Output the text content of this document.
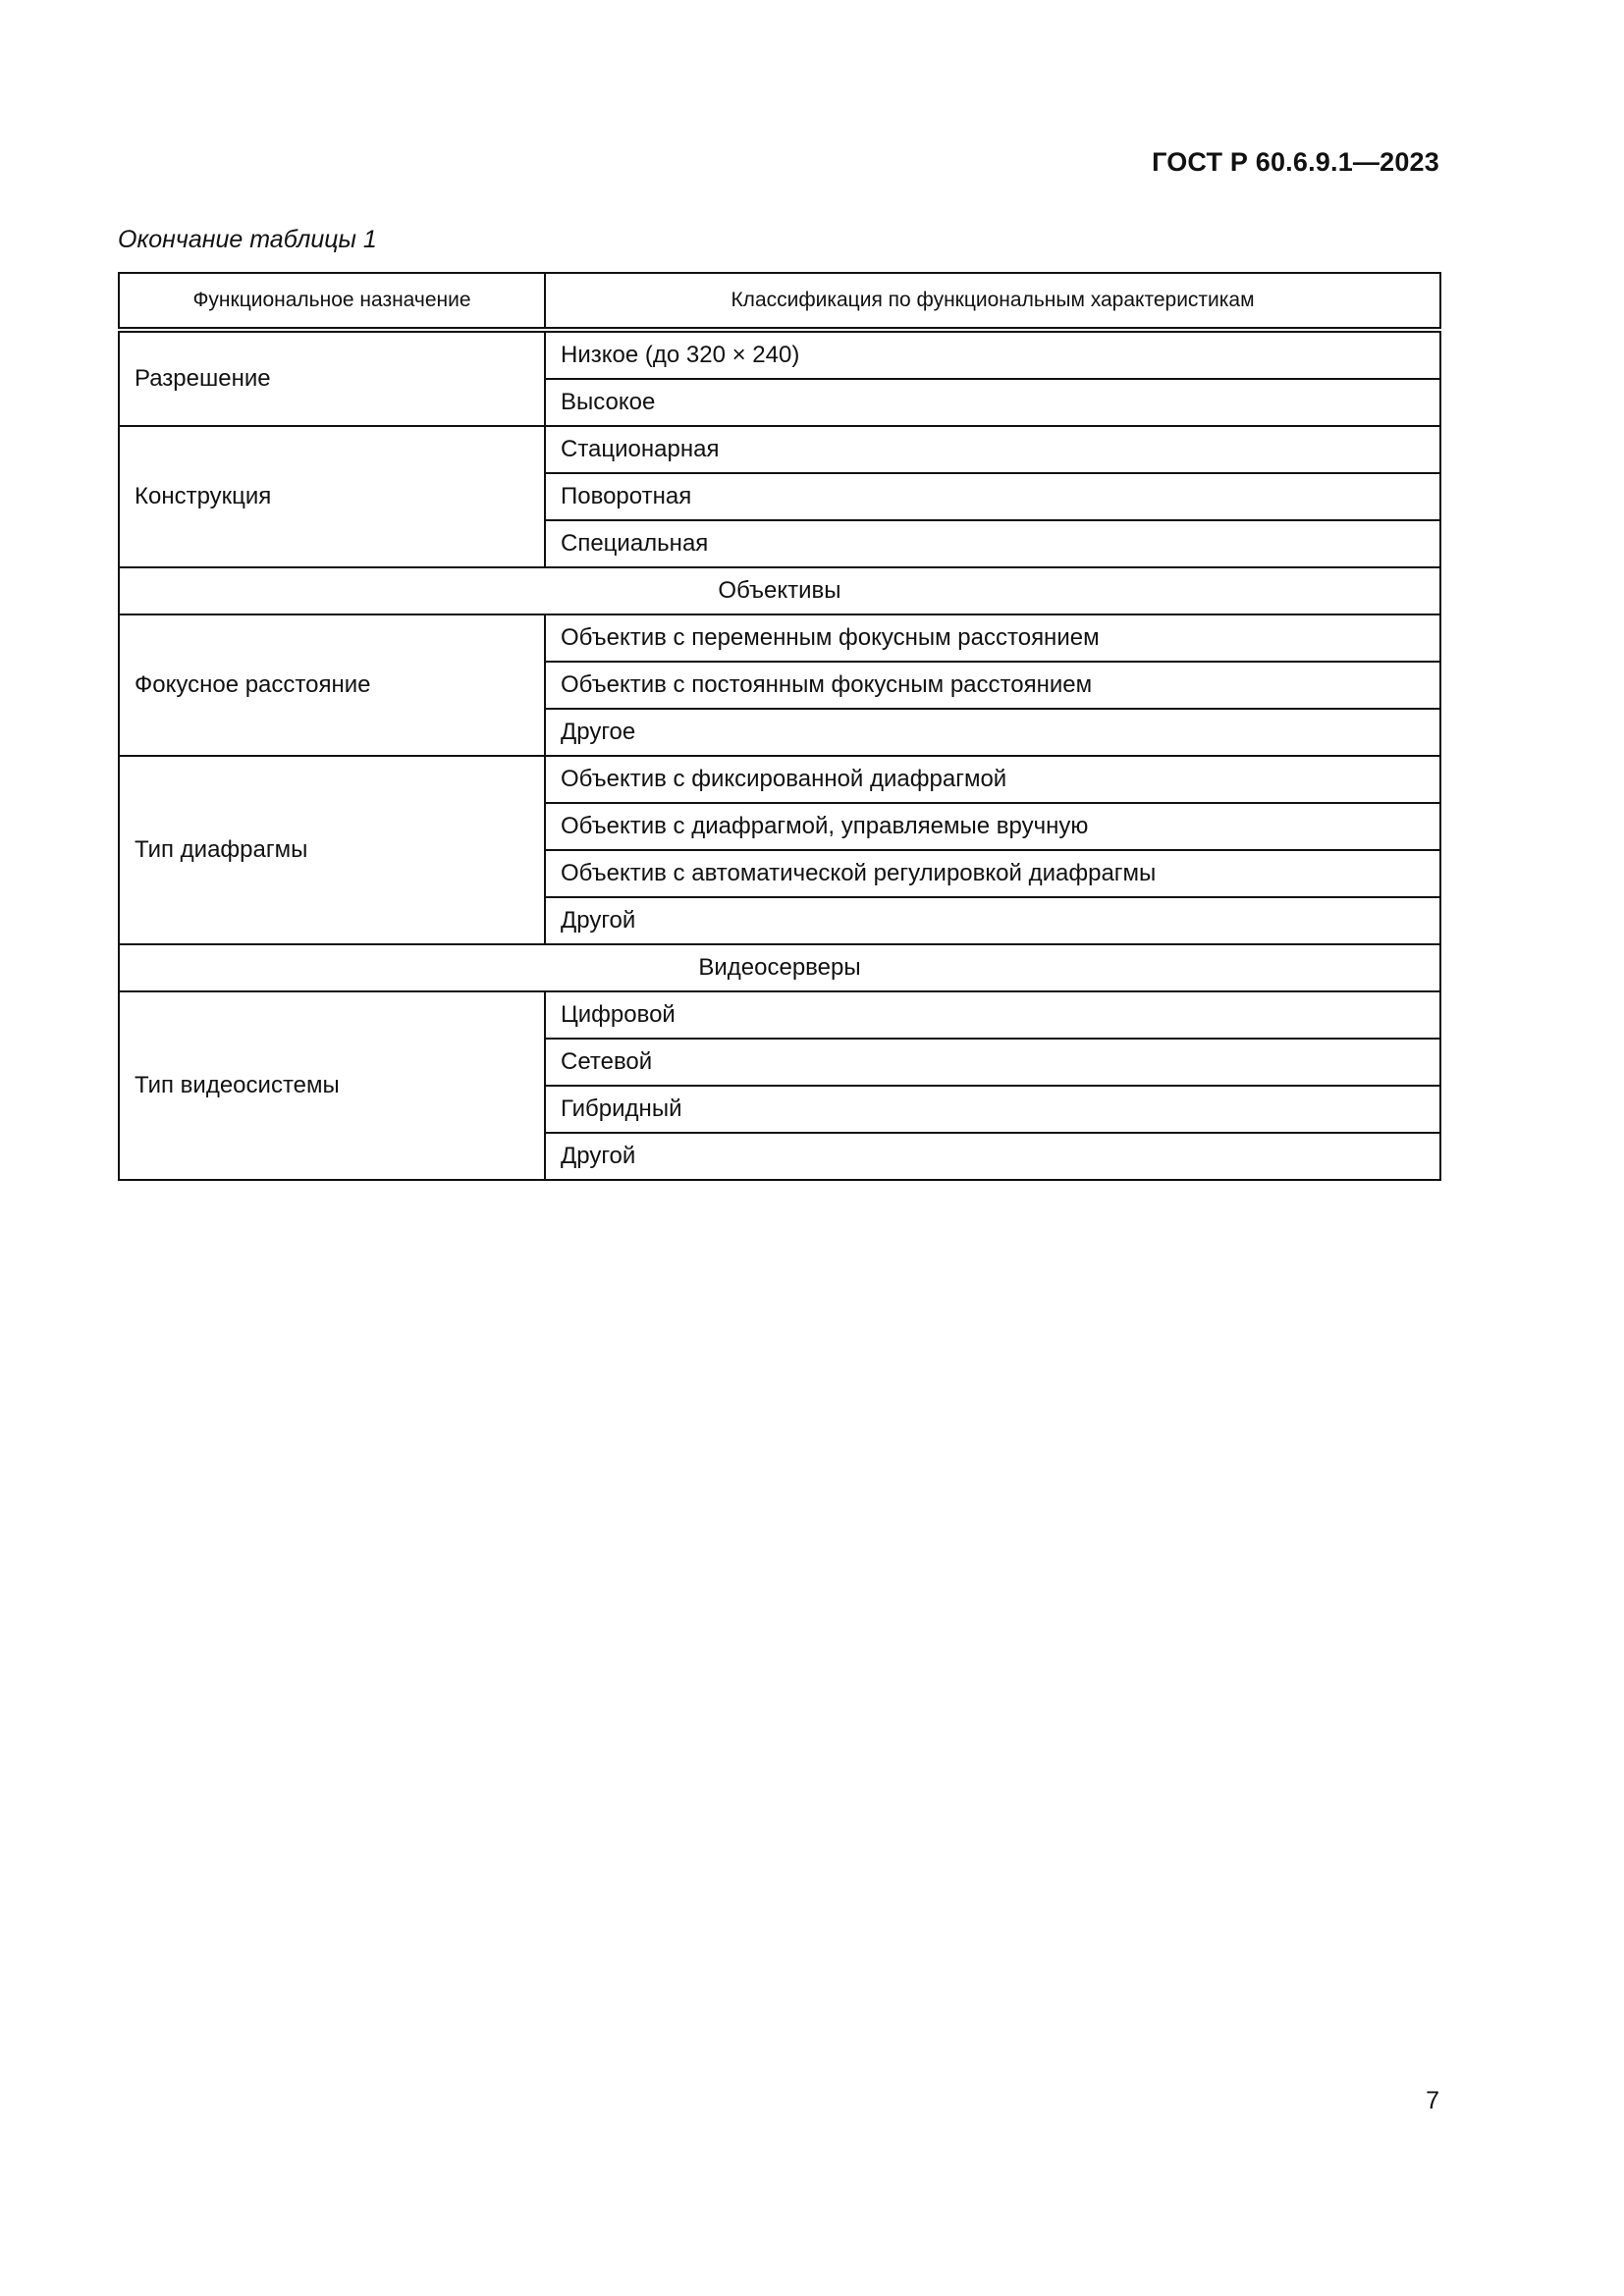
ГОСТ Р 60.6.9.1—2023
Окончание таблицы 1
Функциональное назначение	Классификация по функциональным характеристикам
Разрешение	Низкое (до 320 × 240)
	Высокое
Конструкция	Стационарная
	Поворотная
	Специальная
Объективы	
Фокусное расстояние	Объектив с переменным фокусным расстоянием
	Объектив с постоянным фокусным расстоянием
	Другое
Тип диафрагмы	Объектив с фиксированной диафрагмой
	Объектив с диафрагмой, управляемые вручную
	Объектив с автоматической регулировкой диафрагмы
	Другой
Видеосерверы	
Тип видеосистемы	Цифровой
	Сетевой
	Гибридный
	Другой
7
